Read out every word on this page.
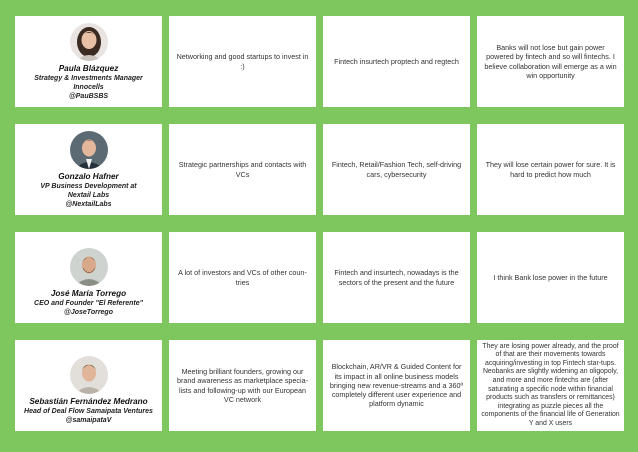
Paula Blázquez
Strategy & Investments Manager
Innocells
@PauBSBS
Networking and good startups to invest in :)
Fintech insurtech proptech and regtech
Banks will not lose but gain power powered by fintech and so will fintechs. I believe collaboration will emerge as a win win opportunity
Gonzalo Hafner
VP Business Development at
Nextail Labs
@NextailLabs
Strategic partnerships and contacts with VCs
Fintech, Retail/Fashion Tech, self-driving cars, cybersecurity
They will lose certain power for sure. It is hard to predict how much
José María Torrego
CEO and Founder "El Referente"
@JoseTorrego
A lot of investors and VCs of other coun-tries
Fintech and insurtech, nowadays is the sectors of the present and the future
I think Bank lose power in the future
Sebastián Fernández Medrano
Head of Deal Flow Samaipata Ventures
@samaipataV
Meeting brilliant founders, growing our brand awareness as marketplace specia-lists and following-up with our European VC network
Blockchain, AR/VR & Guided Content for its impact in all online business models bringing new revenue-streams and a 360º completely different user experience and platform dynamic
They are losing power already, and the proof of that are their movements towards acquiring/investing in top Fintech star-tups. Neobanks are slightly widening an oligopoly, and more and more fintechs are (after saturating a specific node within financial products such as transfers or remittances) integrating as puzzle pieces all the components of the financial life of Generation Y and X users
